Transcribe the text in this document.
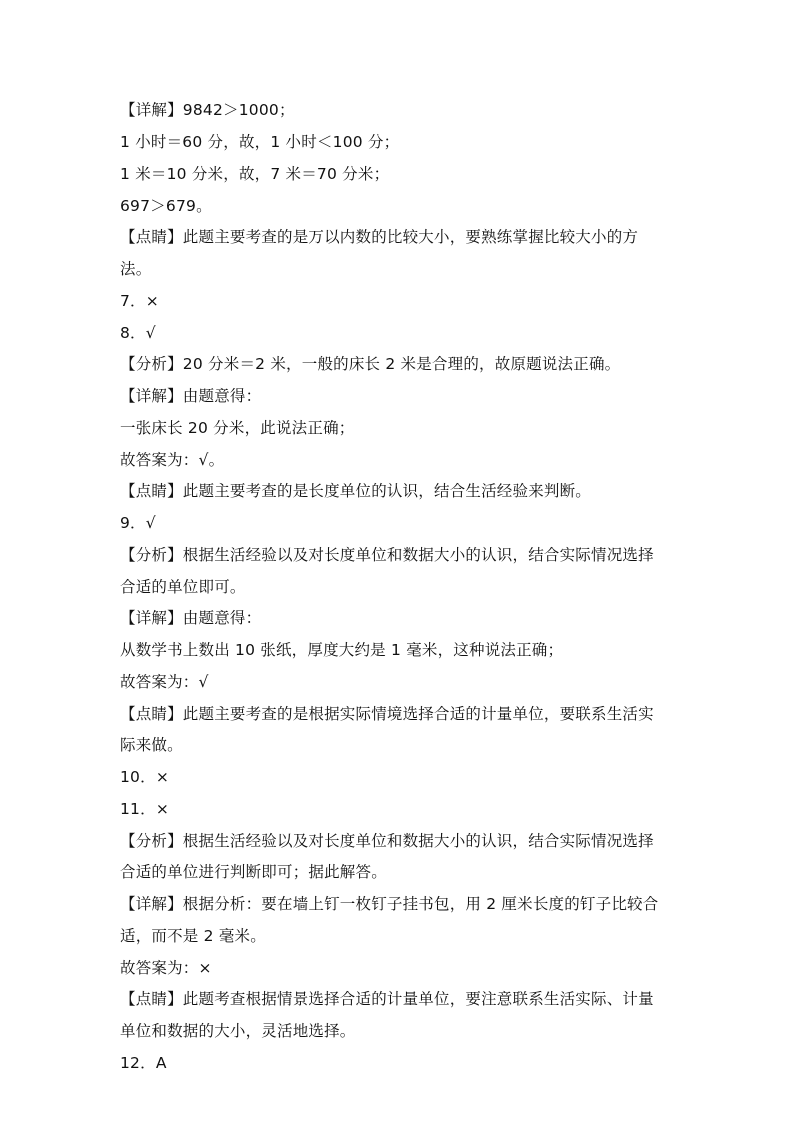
【详解】9842＞1000；
1 小时＝60 分，故，1 小时＜100 分；
1 米＝10 分米，故，7 米＝70 分米；
697＞679。
【点睛】此题主要考查的是万以内数的比较大小，要熟练掌握比较大小的方
法。
7．×
8．√
【分析】20 分米＝2 米，一般的床长 2 米是合理的，故原题说法正确。
【详解】由题意得：
一张床长 20 分米，此说法正确；
故答案为：√。
【点睛】此题主要考查的是长度单位的认识，结合生活经验来判断。
9．√
【分析】根据生活经验以及对长度单位和数据大小的认识，结合实际情况选择
合适的单位即可。
【详解】由题意得：
从数学书上数出 10 张纸，厚度大约是 1 毫米，这种说法正确；
故答案为：√
【点睛】此题主要考查的是根据实际情境选择合适的计量单位，要联系生活实
际来做。
10．×
11．×
【分析】根据生活经验以及对长度单位和数据大小的认识，结合实际情况选择
合适的单位进行判断即可；据此解答。
【详解】根据分析：要在墙上钉一枚钉子挂书包，用 2 厘米长度的钉子比较合
适，而不是 2 毫米。
故答案为：×
【点睛】此题考查根据情景选择合适的计量单位，要注意联系生活实际、计量
单位和数据的大小，灵活地选择。
12．A
